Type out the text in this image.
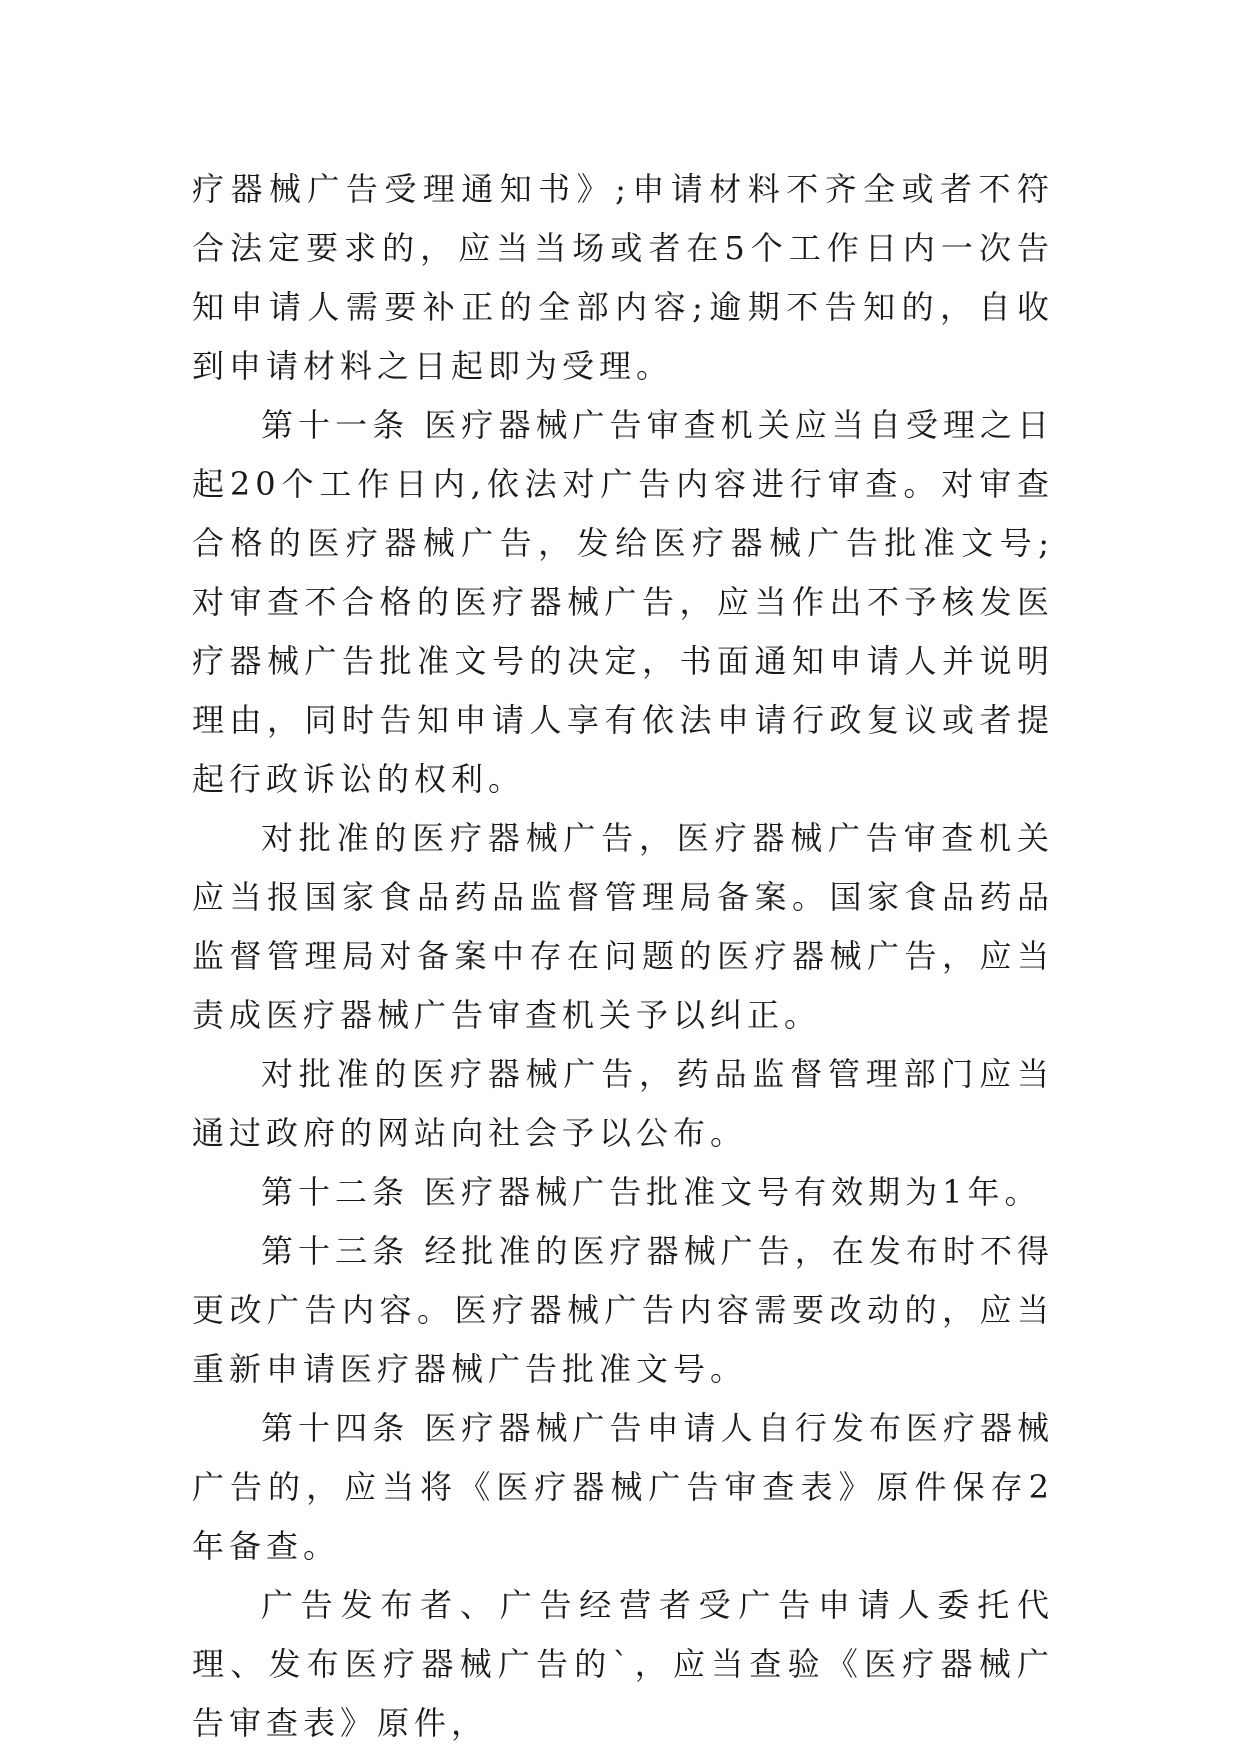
疗器械广告受理通知书》;申请材料不齐全或者不符合法定要求的，应当当场或者在5个工作日内一次告知申请人需要补正的全部内容;逾期不告知的，自收到申请材料之日起即为受理。

第十一条 医疗器械广告审查机关应当自受理之日起20个工作日内,依法对广告内容进行审查。对审查合格的医疗器械广告，发给医疗器械广告批准文号;对审查不合格的医疗器械广告，应当作出不予核发医疗器械广告批准文号的决定，书面通知申请人并说明理由，同时告知申请人享有依法申请行政复议或者提起行政诉讼的权利。

对批准的医疗器械广告，医疗器械广告审查机关应当报国家食品药品监督管理局备案。国家食品药品监督管理局对备案中存在问题的医疗器械广告，应当责成医疗器械广告审查机关予以纠正。

对批准的医疗器械广告，药品监督管理部门应当通过政府的网站向社会予以公布。

第十二条 医疗器械广告批准文号有效期为1年。

第十三条 经批准的医疗器械广告，在发布时不得更改广告内容。医疗器械广告内容需要改动的，应当重新申请医疗器械广告批准文号。

第十四条 医疗器械广告申请人自行发布医疗器械广告的，应当将《医疗器械广告审查表》原件保存2年备查。

广告发布者、广告经营者受广告申请人委托代理、发布医疗器械广告的`，应当查验《医疗器械广告审查表》原件，
